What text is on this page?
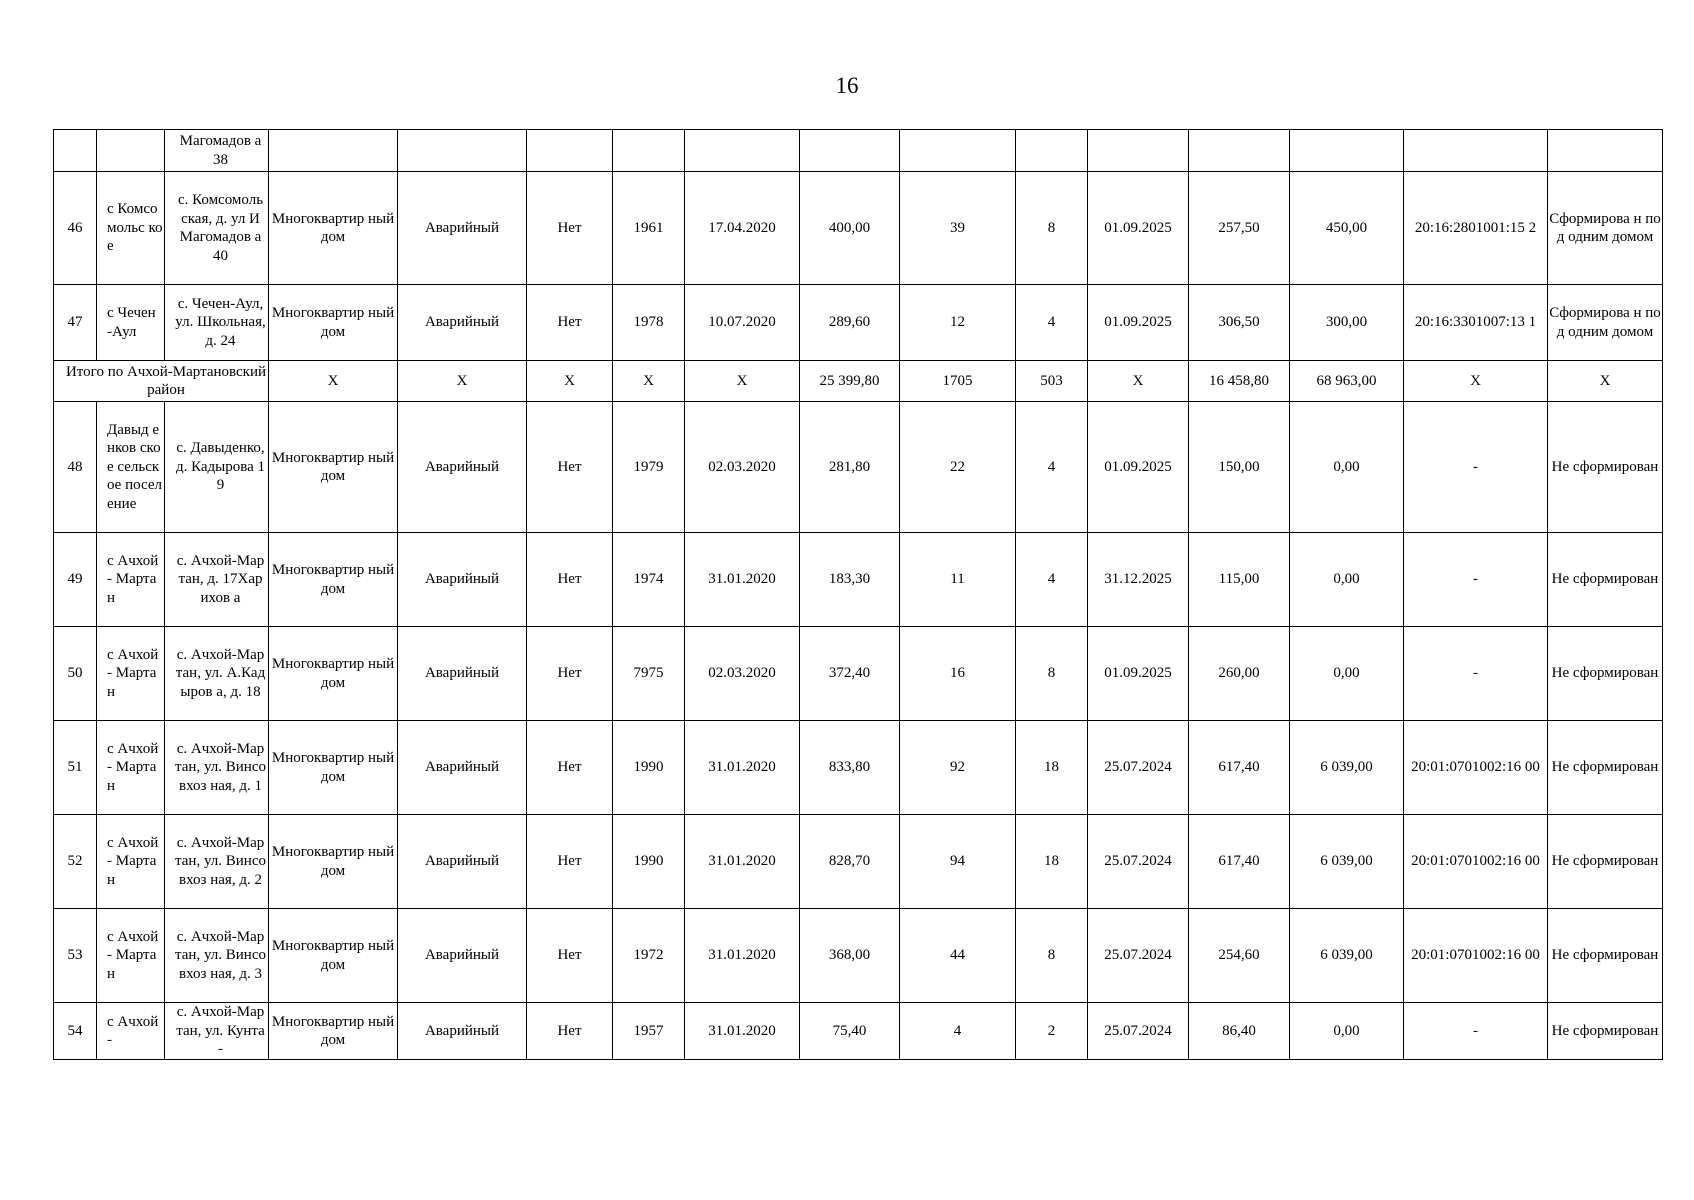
16
		Магомадов а 38													
46	с Комсо мольс кое	с. Комсомоль ская, д. ул И Магомадов а 40	Многоквартир ный дом	Аварийный	Нет	1961	17.04.2020	400,00	39	8	01.09.2025	257,50	450,00	20:16:2801001:15 2	Сформирова н под одним домом
47	с Чечен -Аул	с. Чечен-Аул, ул. Школьная, д. 24	Многоквартир ный дом	Аварийный	Нет	1978	10.07.2020	289,60	12	4	01.09.2025	306,50	300,00	20:16:3301007:13 1	Сформирова н под одним домом
Итого по Ачхой-Мартановский район			X	X	X	X	X	25 399,80	1705	503	X	16 458,80	68 963,00	X	X
48	Давыд енков ское сельск ое посел ение	с. Давыденко, д. Кадырова 19	Многоквартир ный дом	Аварийный	Нет	1979	02.03.2020	281,80	22	4	01.09.2025	150,00	0,00	-	Не сформирован
49	с Ачхой - Марта н	с. Ачхой-Мартан, д. 17Харихов а	Многоквартир ный дом	Аварийный	Нет	1974	31.01.2020	183,30	11	4	31.12.2025	115,00	0,00	-	Не сформирован
50	с Ачхой - Марта н	с. Ачхой-Мартан, ул. А.Кадыров а, д. 18	Многоквартир ный дом	Аварийный	Нет	7975	02.03.2020	372,40	16	8	01.09.2025	260,00	0,00	-	Не сформирован
51	с Ачхой - Марта н	с. Ачхой-Мартан, ул. Винсовхоз ная, д. 1	Многоквартир ный дом	Аварийный	Нет	1990	31.01.2020	833,80	92	18	25.07.2024	617,40	6 039,00	20:01:0701002:16 00	Не сформирован
52	с Ачхой - Марта н	с. Ачхой-Мартан, ул. Винсовхоз ная, д. 2	Многоквартир ный дом	Аварийный	Нет	1990	31.01.2020	828,70	94	18	25.07.2024	617,40	6 039,00	20:01:0701002:16 00	Не сформирован
53	с Ачхой - Марта н	с. Ачхой-Мартан, ул. Винсовхоз ная, д. 3	Многоквартир ный дом	Аварийный	Нет	1972	31.01.2020	368,00	44	8	25.07.2024	254,60	6 039,00	20:01:0701002:16 00	Не сформирован
54	с Ачхой -	с. Ачхой-Мартан, ул. Кунта-	Многоквартир ный дом	Аварийный	Нет	1957	31.01.2020	75,40	4	2	25.07.2024	86,40	0,00	-	Не сформирован
